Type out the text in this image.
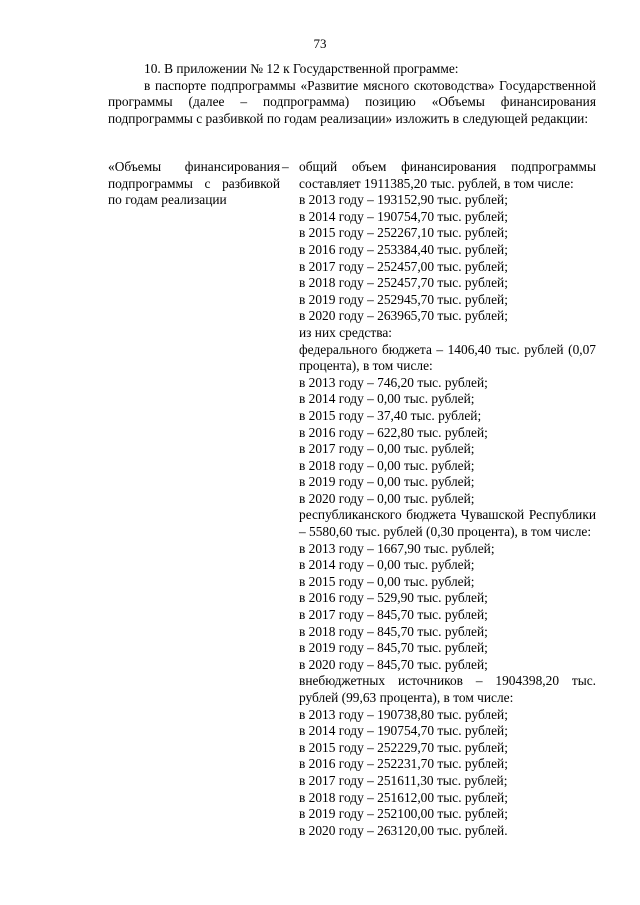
73
10. В приложении № 12 к Государственной программе:
в паспорте подпрограммы «Развитие мясного скотоводства» Государственной программы (далее – подпрограмма) позицию «Объемы финансирования подпрограммы с разбивкой по годам реализации» изложить в следующей редакции:
«Объемы финансирования подпрограммы с разбивкой по годам реализации
– общий объем финансирования подпрограммы составляет 1911385,20 тыс. рублей, в том числе:
в 2013 году – 193152,90 тыс. рублей;
в 2014 году – 190754,70 тыс. рублей;
в 2015 году – 252267,10 тыс. рублей;
в 2016 году – 253384,40 тыс. рублей;
в 2017 году – 252457,00 тыс. рублей;
в 2018 году – 252457,70 тыс. рублей;
в 2019 году – 252945,70 тыс. рублей;
в 2020 году – 263965,70 тыс. рублей;
из них средства:
федерального бюджета – 1406,40 тыс. рублей (0,07 процента), в том числе:
в 2013 году – 746,20 тыс. рублей;
в 2014 году – 0,00 тыс. рублей;
в 2015 году – 37,40 тыс. рублей;
в 2016 году – 622,80 тыс. рублей;
в 2017 году – 0,00 тыс. рублей;
в 2018 году – 0,00 тыс. рублей;
в 2019 году – 0,00 тыс. рублей;
в 2020 году – 0,00 тыс. рублей;
республиканского бюджета Чувашской Республики – 5580,60 тыс. рублей (0,30 процента), в том числе:
в 2013 году – 1667,90 тыс. рублей;
в 2014 году – 0,00 тыс. рублей;
в 2015 году – 0,00 тыс. рублей;
в 2016 году – 529,90 тыс. рублей;
в 2017 году – 845,70 тыс. рублей;
в 2018 году – 845,70 тыс. рублей;
в 2019 году – 845,70 тыс. рублей;
в 2020 году – 845,70 тыс. рублей;
внебюджетных источников – 1904398,20 тыс. рублей (99,63 процента), в том числе:
в 2013 году – 190738,80 тыс. рублей;
в 2014 году – 190754,70 тыс. рублей;
в 2015 году – 252229,70 тыс. рублей;
в 2016 году – 252231,70 тыс. рублей;
в 2017 году – 251611,30 тыс. рублей;
в 2018 году – 251612,00 тыс. рублей;
в 2019 году – 252100,00 тыс. рублей;
в 2020 году – 263120,00 тыс. рублей.
